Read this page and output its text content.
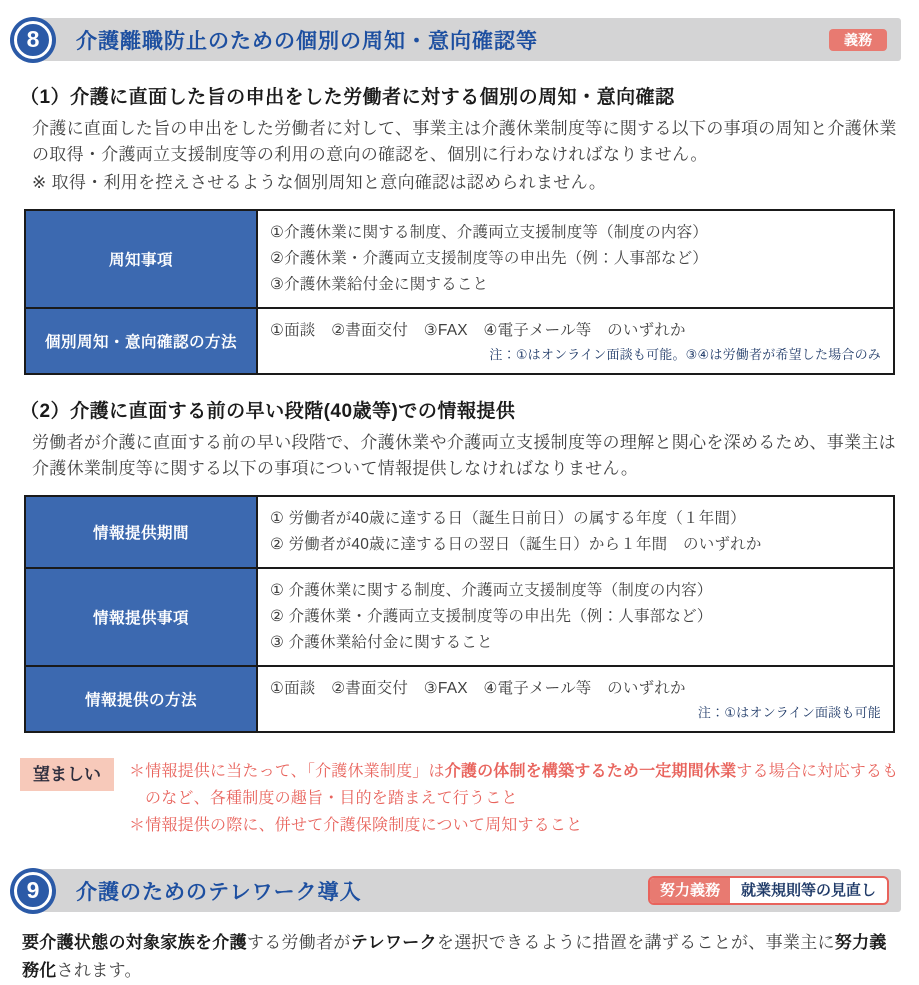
8 介護離職防止のための個別の周知・意向確認等	義務
（1）介護に直面した旨の申出をした労働者に対する個別の周知・意向確認

介護に直面した旨の申出をした労働者に対して、事業主は介護休業制度等に関する以下の事項の周知と介護休業の取得・介護両立支援制度等の利用の意向の確認を、個別に行わなければなりません。

※ 取得・利用を控えさせるような個別周知と意向確認は認められません。

周知事項	①介護休業に関する制度、介護両立支援制度等（制度の内容）
②介護休業・介護両立支援制度等の申出先（例：人事部など）
③介護休業給付金に関すること

個別周知・意向確認の方法	①面談　②書面交付　③FAX　④電子メール等　のいずれか
注：①はオンライン面談も可能。③④は労働者が希望した場合のみ
（2）介護に直面する前の早い段階(40歳等)での情報提供

労働者が介護に直面する前の早い段階で、介護休業や介護両立支援制度等の理解と関心を深めるため、事業主は介護休業制度等に関する以下の事項について情報提供しなければなりません。

情報提供期間	① 労働者が40歳に達する日（誕生日前日）の属する年度（１年間）
② 労働者が40歳に達する日の翌日（誕生日）から１年間　のいずれか

情報提供事項	① 介護休業に関する制度、介護両立支援制度等（制度の内容）
② 介護休業・介護両立支援制度等の申出先（例：人事部など）
③ 介護休業給付金に関すること

情報提供の方法	①面談　②書面交付　③FAX　④電子メール等　のいずれか
注：①はオンライン面談も可能
望ましい	＊情報提供に当たって、「介護休業制度」は介護の体制を構築するため一定期間休業する場合に対応するものなど、各種制度の趣旨・目的を踏まえて行うこと

＊情報提供の際に、併せて介護保険制度について周知すること

9 介護のためのテレワーク導入	努力義務	就業規則等の見直し

要介護状態の対象家族を介護する労働者がテレワークを選択できるように措置を講ずることが、事業主に努力義務化されます。
